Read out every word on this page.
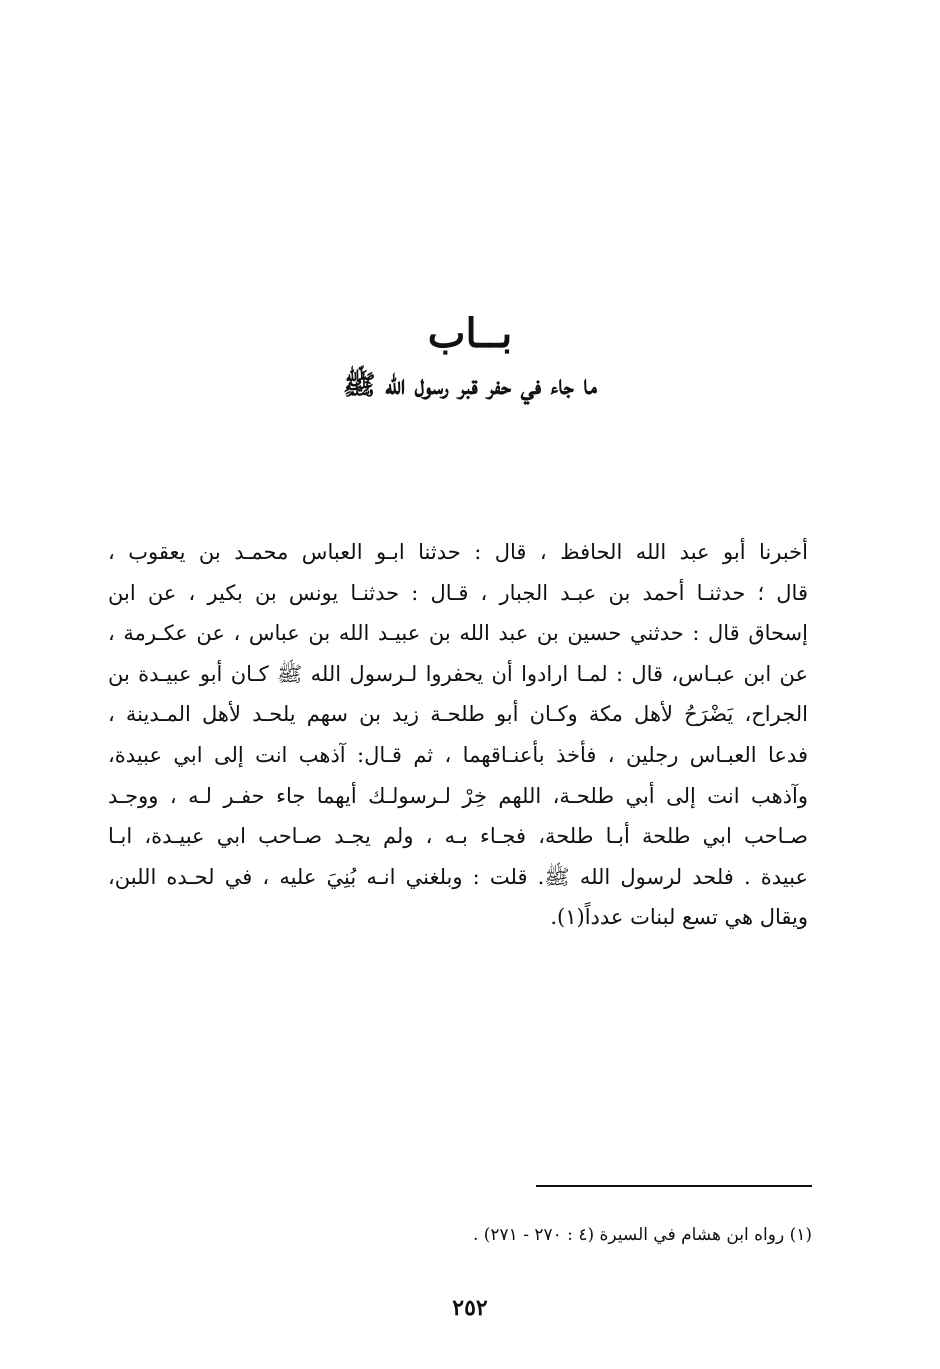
بــاب
ما جاء في حفر قبر رسول الله ﷺ
أخبرنا أبو عبد الله الحافظ ، قال : حدثنا ابـو العباس محمـد بن يعقوب ،
قال ؛ حدثنـا أحمد بن عبـد الجبار ، قـال : حدثنـا يونس بن بكير ، عن ابن
إسحاق قال : حدثني حسين بن عبد الله بن عبيـد الله بن عباس ، عن عكـرمة ،
عن ابن عبـاس، قال : لمـا ارادوا أن يحفروا لـرسول الله ﷺ كـان أبو عبيـدة بن
الجراح، يَضْرَحُ لأهل مكة وكـان أبو طلحـة زيد بن سهم يلحـد لأهل المـدينة ،
فدعا العبـاس رجلين ، فأخذ بأعنـاقهما ، ثم قـال: آذهب انت إلى ابي عبيدة،
وآذهب انت إلى أبي طلحـة، اللهم خِرْ لـرسولـك أيهما جاء حفـر لـه ، ووجـد
صـاحب ابي طلحة أبـا طلحة، فجـاء بـه ، ولم يجـد صـاحب ابي عبيـدة، ابـا
عبيدة . فلحد لرسول الله ﷺ. قلت : وبلغني انـه بُنِيَ عليه ، في لحـده اللبن،
ويقال هي تسع لبنات عدداً(١).
(١) رواه ابن هشام في السيرة (٤ : ٢٧٠ - ٢٧١) .
٢٥٢
